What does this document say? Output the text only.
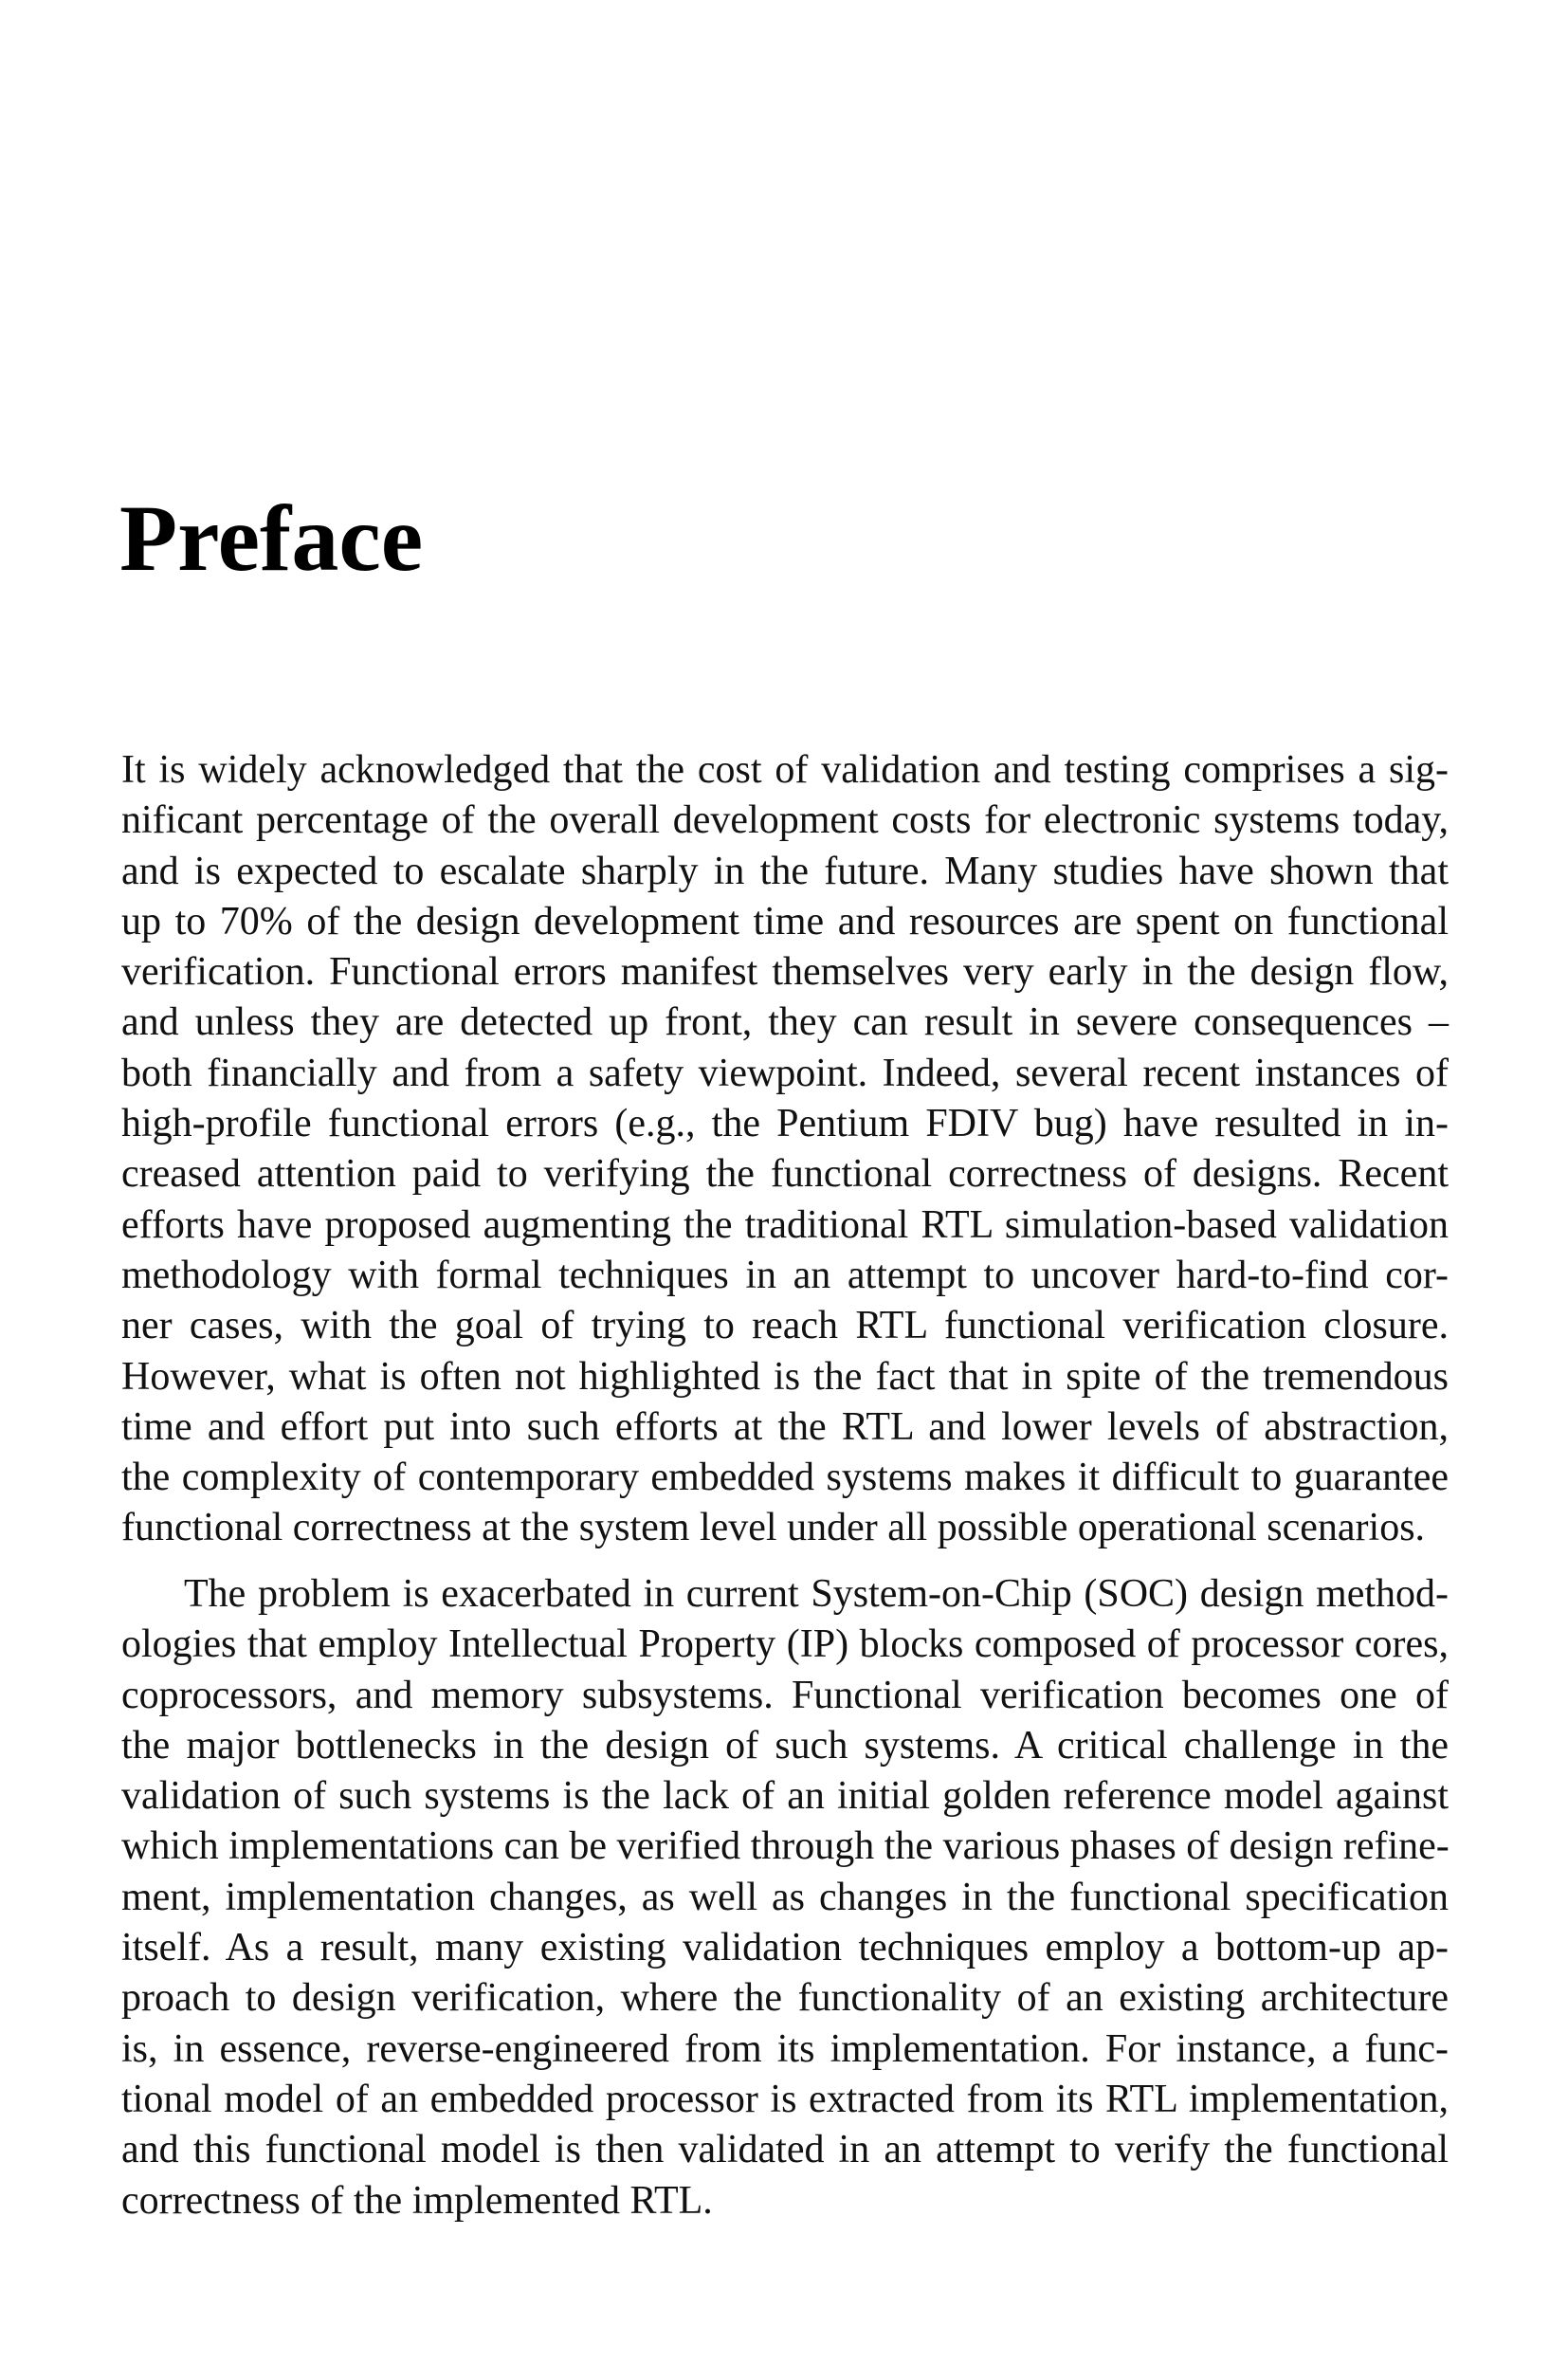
Preface
It is widely acknowledged that the cost of validation and testing comprises a sig-
nificant percentage of the overall development costs for electronic systems today,
and is expected to escalate sharply in the future. Many studies have shown that
up to 70% of the design development time and resources are spent on functional
verification. Functional errors manifest themselves very early in the design flow,
and unless they are detected up front, they can result in severe consequences –
both financially and from a safety viewpoint. Indeed, several recent instances of
high-profile functional errors (e.g., the Pentium FDIV bug) have resulted in in-
creased attention paid to verifying the functional correctness of designs. Recent
efforts have proposed augmenting the traditional RTL simulation-based validation
methodology with formal techniques in an attempt to uncover hard-to-find cor-
ner cases, with the goal of trying to reach RTL functional verification closure.
However, what is often not highlighted is the fact that in spite of the tremendous
time and effort put into such efforts at the RTL and lower levels of abstraction,
the complexity of contemporary embedded systems makes it difficult to guarantee
functional correctness at the system level under all possible operational scenarios.
The problem is exacerbated in current System-on-Chip (SOC) design method-
ologies that employ Intellectual Property (IP) blocks composed of processor cores,
coprocessors, and memory subsystems. Functional verification becomes one of
the major bottlenecks in the design of such systems. A critical challenge in the
validation of such systems is the lack of an initial golden reference model against
which implementations can be verified through the various phases of design refine-
ment, implementation changes, as well as changes in the functional specification
itself. As a result, many existing validation techniques employ a bottom-up ap-
proach to design verification, where the functionality of an existing architecture
is, in essence, reverse-engineered from its implementation. For instance, a func-
tional model of an embedded processor is extracted from its RTL implementation,
and this functional model is then validated in an attempt to verify the functional
correctness of the implemented RTL.
